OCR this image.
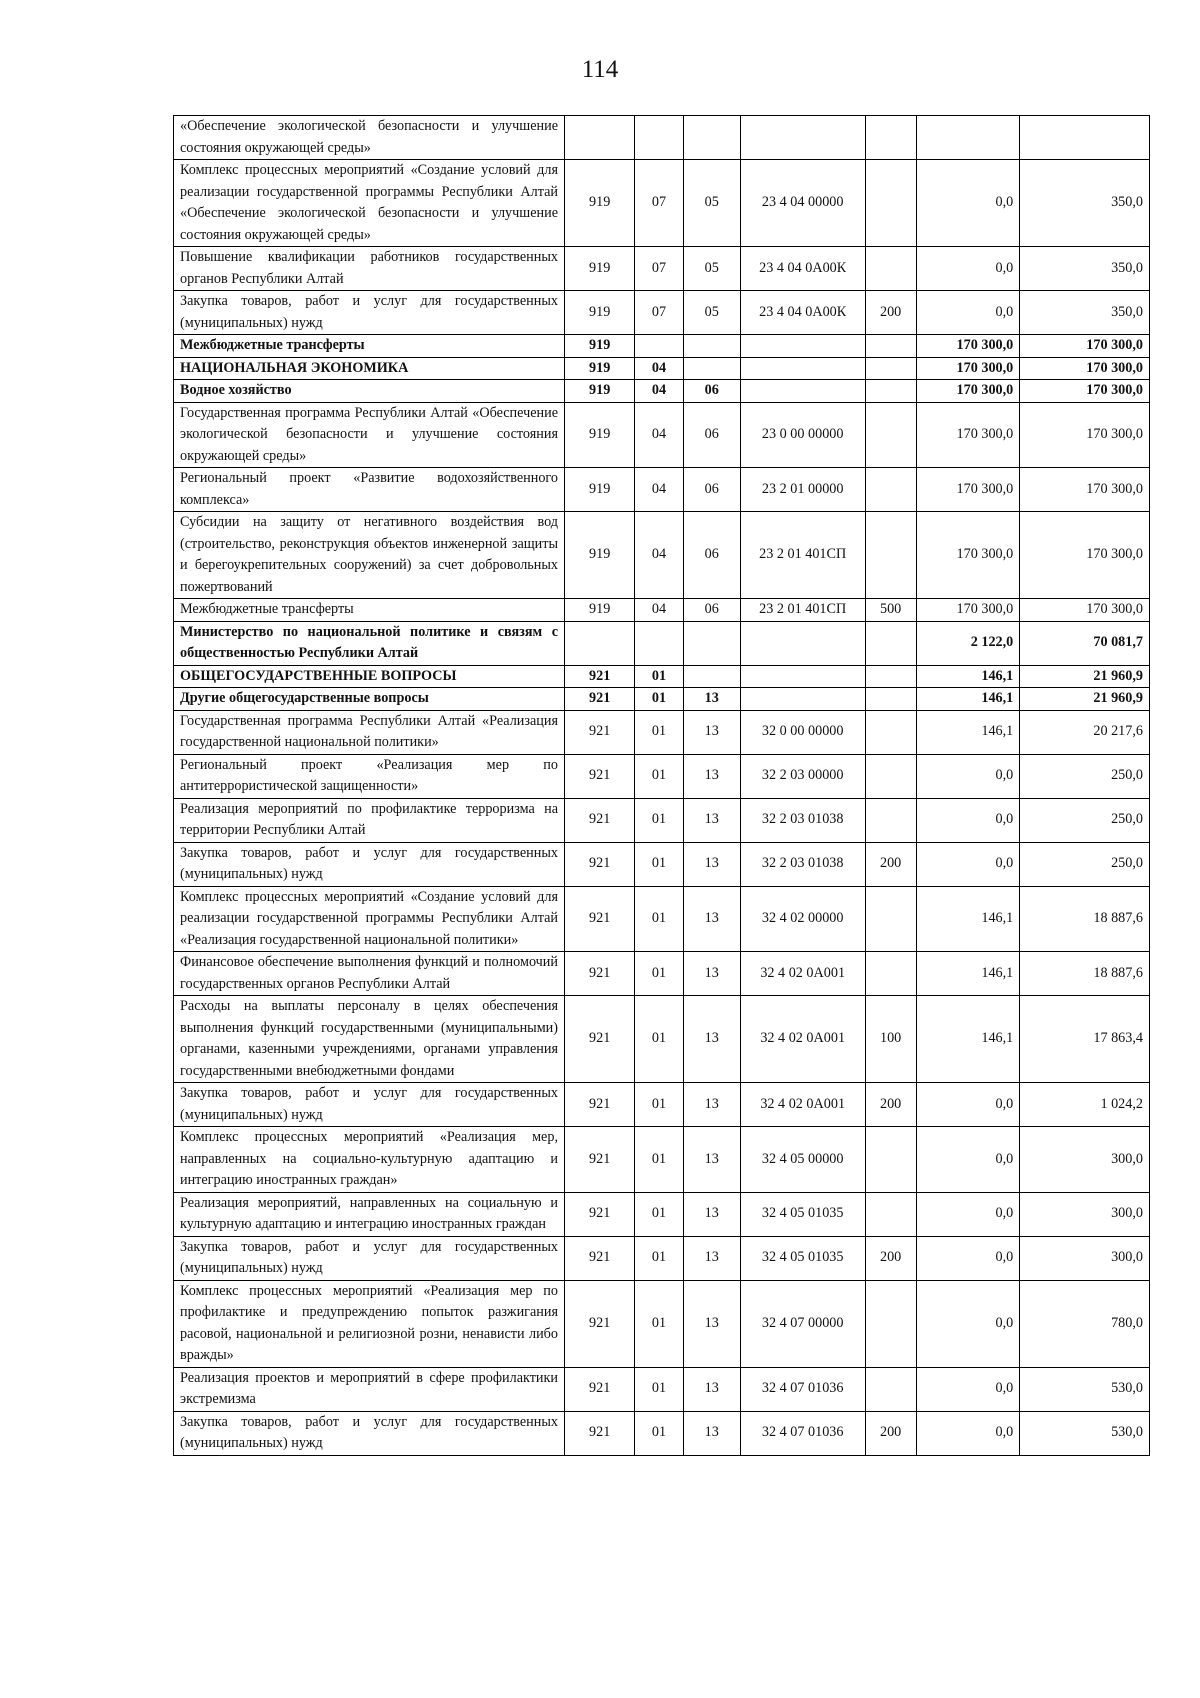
114
«Обеспечение экологической безопасности и улучшение состояния окружающей среды»							
Комплекс процессных мероприятий «Создание условий для реализации государственной программы Республики Алтай «Обеспечение экологической безопасности и улучшение состояния окружающей среды»	919	07	05	23 4 04 00000		0,0	350,0
Повышение квалификации работников государственных органов Республики Алтай	919	07	05	23 4 04 0А00К		0,0	350,0
Закупка товаров, работ и услуг для государственных (муниципальных) нужд	919	07	05	23 4 04 0А00К	200	0,0	350,0
Межбюджетные трансферты	919					170 300,0	170 300,0
НАЦИОНАЛЬНАЯ ЭКОНОМИКА	919	04				170 300,0	170 300,0
Водное хозяйство	919	04	06			170 300,0	170 300,0
Государственная программа Республики Алтай «Обеспечение экологической безопасности и улучшение состояния окружающей среды»	919	04	06	23 0 00 00000		170 300,0	170 300,0
Региональный проект «Развитие водохозяйственного комплекса»	919	04	06	23 2 01 00000		170 300,0	170 300,0
Субсидии на защиту от негативного воздействия вод (строительство, реконструкция объектов инженерной защиты и берегоукрепительных сооружений) за счет добровольных пожертвований	919	04	06	23 2 01 401СП		170 300,0	170 300,0
Межбюджетные трансферты	919	04	06	23 2 01 401СП	500	170 300,0	170 300,0
Министерство по национальной политике и связям с общественностью Республики Алтай						2 122,0	70 081,7
ОБЩЕГОСУДАРСТВЕННЫЕ ВОПРОСЫ	921	01				146,1	21 960,9
Другие общегосударственные вопросы	921	01	13			146,1	21 960,9
Государственная программа Республики Алтай «Реализация государственной национальной политики»	921	01	13	32 0 00 00000		146,1	20 217,6
Региональный проект «Реализация мер по антитеррористической защищенности»	921	01	13	32 2 03 00000		0,0	250,0
Реализация мероприятий по профилактике терроризма на территории Республики Алтай	921	01	13	32 2 03 01038		0,0	250,0
Закупка товаров, работ и услуг для государственных (муниципальных) нужд	921	01	13	32 2 03 01038	200	0,0	250,0
Комплекс процессных мероприятий «Создание условий для реализации государственной программы Республики Алтай «Реализация государственной национальной политики»	921	01	13	32 4 02 00000		146,1	18 887,6
Финансовое обеспечение выполнения функций и полномочий государственных органов Республики Алтай	921	01	13	32 4 02 0А001		146,1	18 887,6
Расходы на выплаты персоналу в целях обеспечения выполнения функций государственными (муниципальными) органами, казенными учреждениями, органами управления государственными внебюджетными фондами	921	01	13	32 4 02 0А001	100	146,1	17 863,4
Закупка товаров, работ и услуг для государственных (муниципальных) нужд	921	01	13	32 4 02 0А001	200	0,0	1 024,2
Комплекс процессных мероприятий «Реализация мер, направленных на социально-культурную адаптацию и интеграцию иностранных граждан»	921	01	13	32 4 05 00000		0,0	300,0
Реализация мероприятий, направленных на социальную и культурную адаптацию и интеграцию иностранных граждан	921	01	13	32 4 05 01035		0,0	300,0
Закупка товаров, работ и услуг для государственных (муниципальных) нужд	921	01	13	32 4 05 01035	200	0,0	300,0
Комплекс процессных мероприятий «Реализация мер по профилактике и предупреждению попыток разжигания расовой, национальной и религиозной розни, ненависти либо вражды»	921	01	13	32 4 07 00000		0,0	780,0
Реализация проектов и мероприятий в сфере профилактики экстремизма	921	01	13	32 4 07 01036		0,0	530,0
Закупка товаров, работ и услуг для государственных (муниципальных) нужд	921	01	13	32 4 07 01036	200	0,0	530,0
